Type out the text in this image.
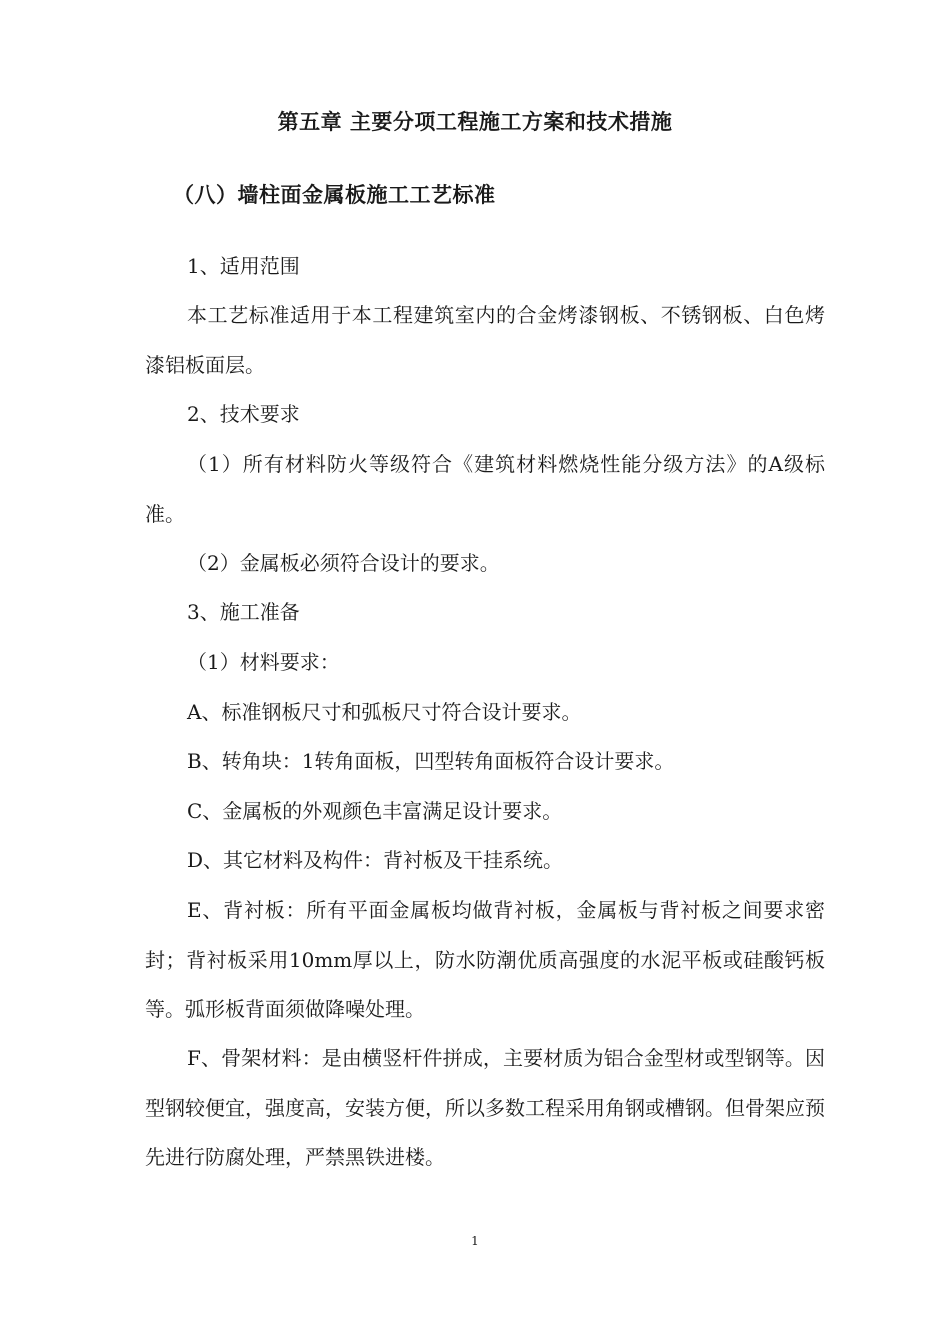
第五章 主要分项工程施工方案和技术措施
（八）墙柱面金属板施工工艺标准
1、适用范围
本工艺标准适用于本工程建筑室内的合金烤漆钢板、不锈钢板、白色烤漆铝板面层。
2、技术要求
（1）所有材料防火等级符合《建筑材料燃烧性能分级方法》的A级标准。
（2）金属板必须符合设计的要求。
3、施工准备
（1）材料要求：
A、标准钢板尺寸和弧板尺寸符合设计要求。
B、转角块：1转角面板，凹型转角面板符合设计要求。
C、金属板的外观颜色丰富满足设计要求。
D、其它材料及构件：背衬板及干挂系统。
E、背衬板：所有平面金属板均做背衬板，金属板与背衬板之间要求密封；背衬板采用10mm厚以上，防水防潮优质高强度的水泥平板或硅酸钙板等。弧形板背面须做降噪处理。
F、骨架材料：是由横竖杆件拼成，主要材质为铝合金型材或型钢等。因型钢较便宜，强度高，安装方便，所以多数工程采用角钢或槽钢。但骨架应预先进行防腐处理，严禁黑铁进楼。
1
